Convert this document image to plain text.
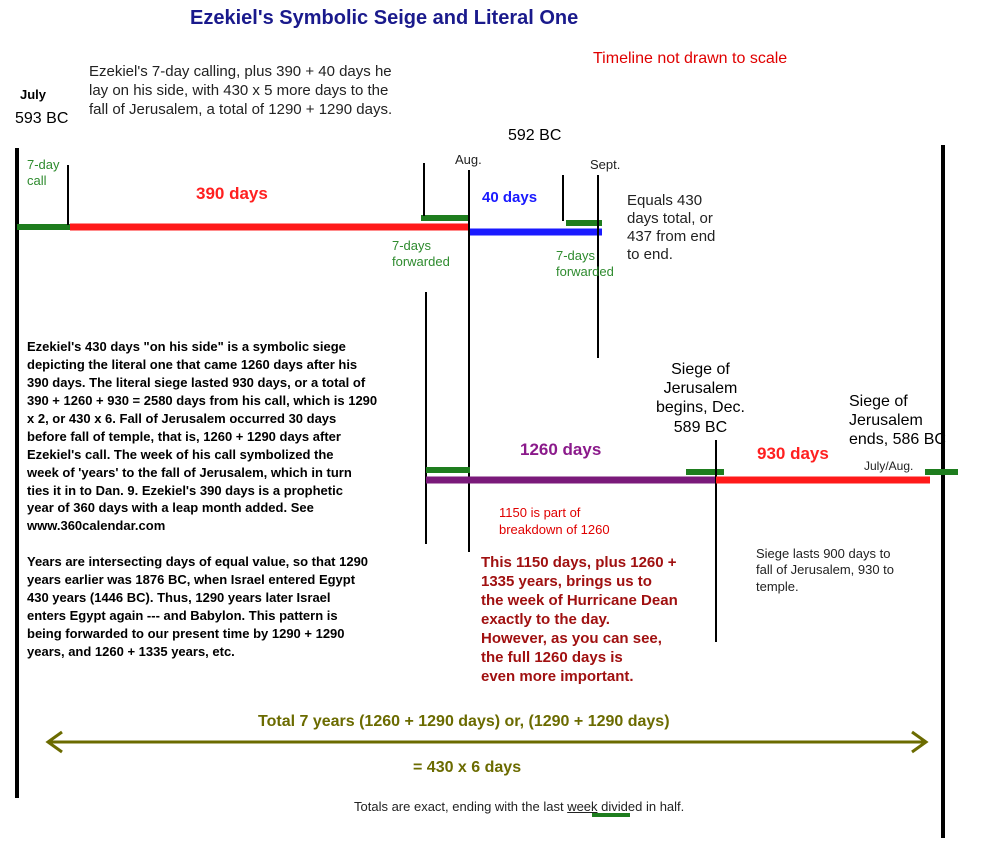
Ezekiel's Symbolic Seige and Literal One
Timeline not drawn to scale
Ezekiel's 7-day calling, plus 390 + 40 days he
lay on his side, with 430 x 5 more days to the
fall of Jerusalem, a total of 1290 + 1290 days.
July
593 BC
592 BC
Aug.	Sept.
7-day
call
390 days	40 days
7-days
forwarded	7-days
forwarded
Equals 430
days total, or
437 from end
to end.
Ezekiel's 430 days "on his side" is a symbolic siege
depicting the literal one that came 1260 days after his
390 days. The literal siege lasted 930 days, or a total of
390 + 1260 + 930 = 2580 days from his call, which is 1290
x 2, or 430 x 6. Fall of Jerusalem occurred 30 days
before fall of temple, that is, 1260 + 1290 days after
Ezekiel's call. The week of his call symbolized the
week of 'years' to the fall of Jerusalem, which in turn
ties it in to Dan. 9. Ezekiel's 390 days is a prophetic
year of 360 days with a leap month added. See
www.360calendar.com
Years are intersecting days of equal value, so that 1290
years earlier was 1876 BC, when Israel entered Egypt
430 years (1446 BC). Thus, 1290 years later Israel
enters Egypt again --- and Babylon. This pattern is
being forwarded to our present time by 1290 + 1290
years, and 1260 + 1335 years, etc.
Siege of
Jerusalem
begins, Dec.
589 BC
Siege of
Jerusalem
ends, 586 BC
1260 days	930 days
July/Aug.
1150 is part of
breakdown of 1260
This 1150 days, plus 1260 +
1335 years, brings us to
the week of Hurricane Dean
exactly to the day.
However, as you can see,
the full 1260 days is
even more important.
Siege lasts 900 days to
fall of Jerusalem, 930 to
temple.
Total 7 years (1260 + 1290 days) or, (1290 + 1290 days)
= 430 x 6 days
Totals are exact, ending with the last week divided in half.
